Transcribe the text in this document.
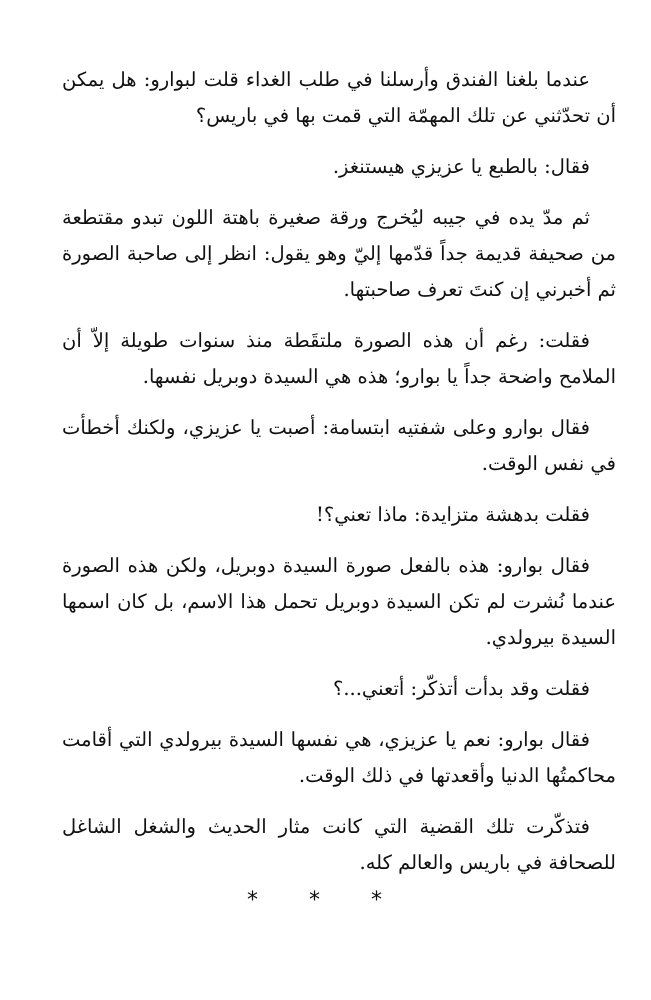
عندما بلغنا الفندق وأرسلنا في طلب الغداء قلت لبوارو: هل يمكن أن تحدّثني عن تلك المهمّة التي قمت بها في باريس؟

فقال: بالطبع يا عزيزي هيستنغز.

ثم مدّ يده في جيبه ليُخرج ورقة صغيرة باهتة اللون تبدو مقتطعة من صحيفة قديمة جداً قدّمها إليّ وهو يقول: انظر إلى صاحبة الصورة ثم أخبرني إن كنتَ تعرف صاحبتها.

فقلت: رغم أن هذه الصورة ملتقَطة منذ سنوات طويلة إلاّ أن الملامح واضحة جداً يا بوارو؛ هذه هي السيدة دوبريل نفسها.

فقال بوارو وعلى شفتيه ابتسامة: أصبت يا عزيزي، ولكنك أخطأت في نفس الوقت.

فقلت بدهشة متزايدة: ماذا تعني؟!

فقال بوارو: هذه بالفعل صورة السيدة دوبريل، ولكن هذه الصورة عندما نُشرت لم تكن السيدة دوبريل تحمل هذا الاسم، بل كان اسمها السيدة بيرولدي.

فقلت وقد بدأت أتذكّر: أتعني...؟

فقال بوارو: نعم يا عزيزي، هي نفسها السيدة بيرولدي التي أقامت محاكمتُها الدنيا وأقعدتها في ذلك الوقت.

فتذكّرت تلك القضية التي كانت مثار الحديث والشغل الشاغل للصحافة في باريس والعالم كله.

* * *
